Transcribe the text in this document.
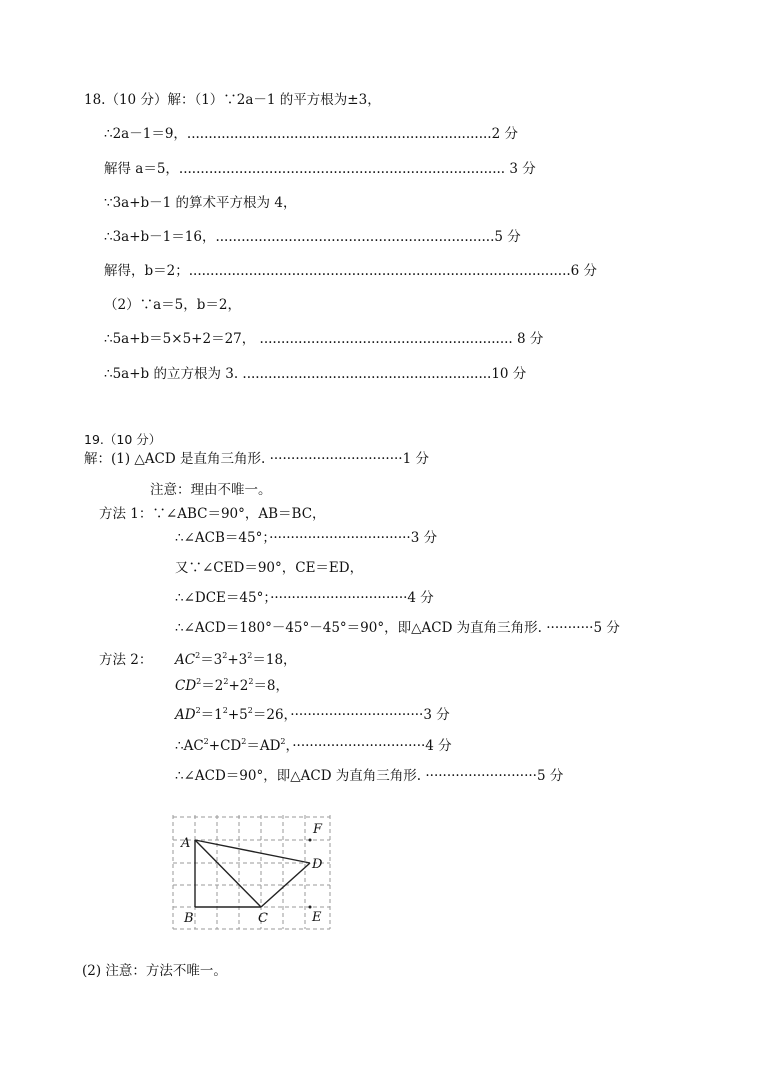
18.（10 分）解：（1）∵2a－1 的平方根为±3，
∴2a－1＝9，.......................................................................2 分
解得 a＝5，............................................................................ 3 分
∵3a+b－1 的算术平方根为 4，
∴3a+b－1＝16，.................................................................5 分
解得，b＝2；.........................................................................................6 分
（2）∵a＝5，b＝2，
∴5a+b＝5×5+2＝27， ........................................................... 8 分
∴5a+b 的立方根为 3. ..........................................................10 分
19.（10 分）
解：(1) △ACD 是直角三角形. ·······························1 分
注意：理由不唯一。
方法 1：∵∠ABC＝90°，AB＝BC，
∴∠ACB＝45°；·································3 分
又∵∠CED＝90°，CE＝ED，
∴∠DCE＝45°；································4 分
∴∠ACD＝180°－45°－45°＝90°，即△ACD 为直角三角形. ···········5 分
方法 2： $AC^2=3^2+3^2=18$，
$CD^2=2^2+2^2=8$，
$AD^2=1^2+5^2=26$，·······························3 分
$\therefore AC^2+CD^2=AD^2$，·······························4 分
∴∠ACD＝90°，即△ACD 为直角三角形. ··························5 分
A
B	C
D
E
F
(2) 注意：方法不唯一。
